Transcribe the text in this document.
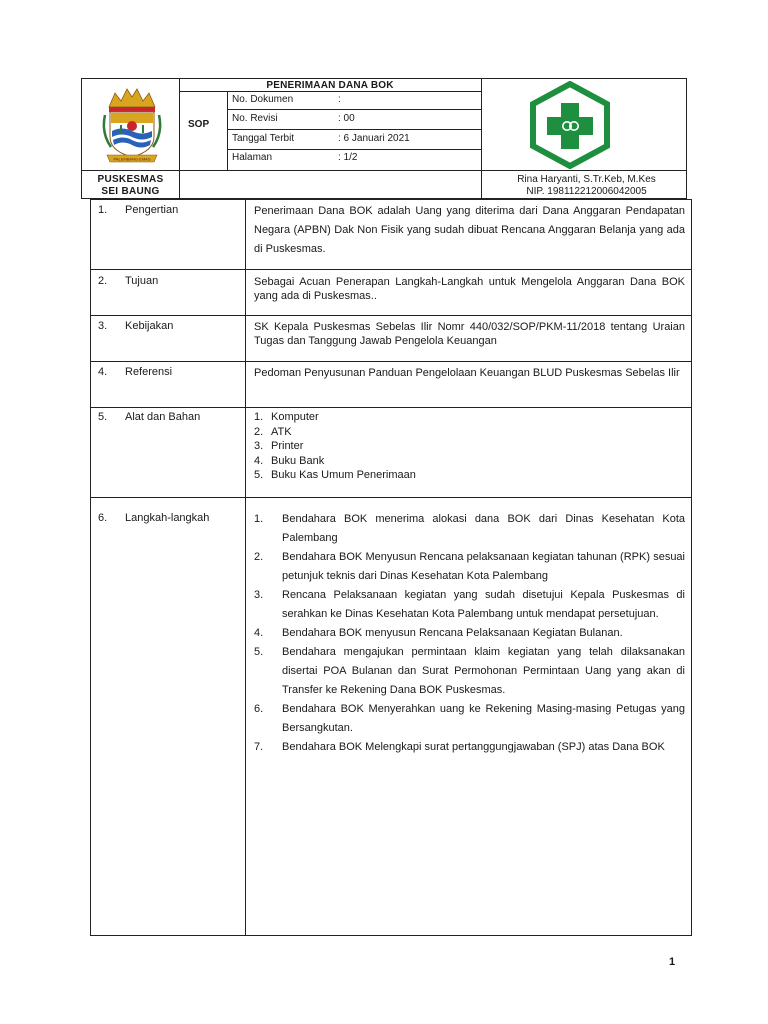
PALEMBANG EMAS
PENERIMAAN DANA BOK
SOP
No. Dokumen	:
No. Revisi	: 00
Tanggal Terbit	: 6 Januari 2021
Halaman	: 1/2
PUSKESMAS
SEI BAUNG
Rina Haryanti, S.Tr.Keb, M.Kes
NIP. 198112212006042005
1. Pengertian	Penerimaan Dana BOK adalah Uang yang diterima dari Dana Anggaran Pendapatan Negara (APBN) Dak Non Fisik yang sudah dibuat Rencana Anggaran Belanja yang ada di Puskesmas.
2. Tujuan	Sebagai Acuan Penerapan Langkah-Langkah untuk Mengelola Anggaran Dana BOK yang ada di Puskesmas..
3. Kebijakan	SK Kepala Puskesmas Sebelas Ilir Nomr 440/032/SOP/PKM-11/2018 tentang Uraian Tugas dan Tanggung Jawab Pengelola Keuangan
4. Referensi	Pedoman Penyusunan Panduan Pengelolaan Keuangan BLUD Puskesmas Sebelas Ilir
5. Alat dan Bahan	1. Komputer
2. ATK
3. Printer
4. Buku Bank
5. Buku Kas Umum Penerimaan
6. Langkah-langkah	1. Bendahara BOK menerima alokasi dana BOK dari Dinas Kesehatan Kota Palembang
2. Bendahara BOK Menyusun Rencana pelaksanaan kegiatan tahunan (RPK) sesuai petunjuk teknis dari Dinas Kesehatan Kota Palembang
3. Rencana Pelaksanaan kegiatan yang sudah disetujui Kepala Puskesmas di serahkan ke Dinas Kesehatan Kota Palembang untuk mendapat persetujuan.
4. Bendahara BOK menyusun Rencana Pelaksanaan Kegiatan Bulanan.
5. Bendahara mengajukan permintaan klaim kegiatan yang telah dilaksanakan disertai POA Bulanan dan Surat Permohonan Permintaan Uang yang akan di Transfer ke Rekening Dana BOK Puskesmas.
6. Bendahara BOK Menyerahkan uang ke Rekening Masing-masing Petugas yang Bersangkutan.
7. Bendahara BOK Melengkapi surat pertanggungjawaban (SPJ) atas Dana BOK
1
